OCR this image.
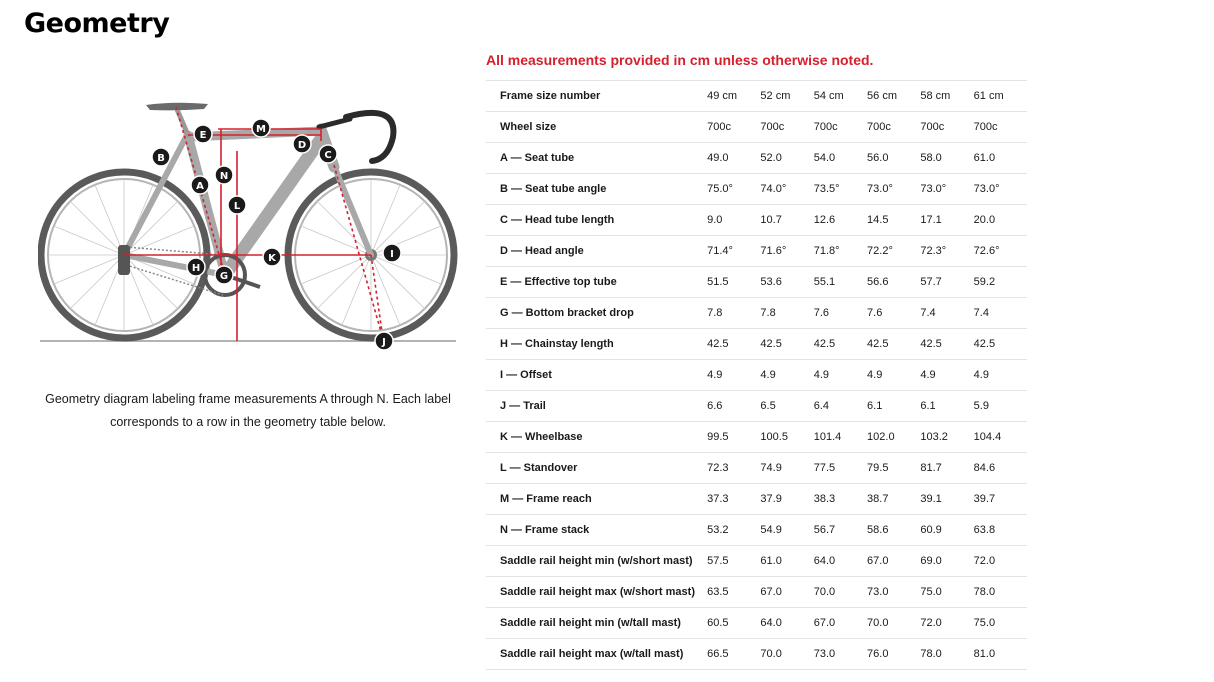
Geometry
A
B	C
D
E
G
H
I
J
K
L
M
N

Geometry diagram labeling frame measurements A through N. Each label corresponds to a row in the geometry table below.

All measurements provided in cm unless otherwise noted.

Frame size number	49 cm	52 cm	54 cm	56 cm	58 cm	61 cm
Wheel size	700c	700c	700c	700c	700c	700c
A — Seat tube	49.0	52.0	54.0	56.0	58.0	61.0
B — Seat tube angle	75.0°	74.0°	73.5°	73.0°	73.0°	73.0°
C — Head tube length	9.0	10.7	12.6	14.5	17.1	20.0
D — Head angle	71.4°	71.6°	71.8°	72.2°	72.3°	72.6°
E — Effective top tube	51.5	53.6	55.1	56.6	57.7	59.2
G — Bottom bracket drop	7.8	7.8	7.6	7.6	7.4	7.4
H — Chainstay length	42.5	42.5	42.5	42.5	42.5	42.5
I — Offset	4.9	4.9	4.9	4.9	4.9	4.9
J — Trail	6.6	6.5	6.4	6.1	6.1	5.9
K — Wheelbase	99.5	100.5	101.4	102.0	103.2	104.4
L — Standover	72.3	74.9	77.5	79.5	81.7	84.6
M — Frame reach	37.3	37.9	38.3	38.7	39.1	39.7
N — Frame stack	53.2	54.9	56.7	58.6	60.9	63.8
Saddle rail height min (w/short mast)	57.5	61.0	64.0	67.0	69.0	72.0
Saddle rail height max (w/short mast)	63.5	67.0	70.0	73.0	75.0	78.0
Saddle rail height min (w/tall mast)	60.5	64.0	67.0	70.0	72.0	75.0
Saddle rail height max (w/tall mast)	66.5	70.0	73.0	76.0	78.0	81.0
